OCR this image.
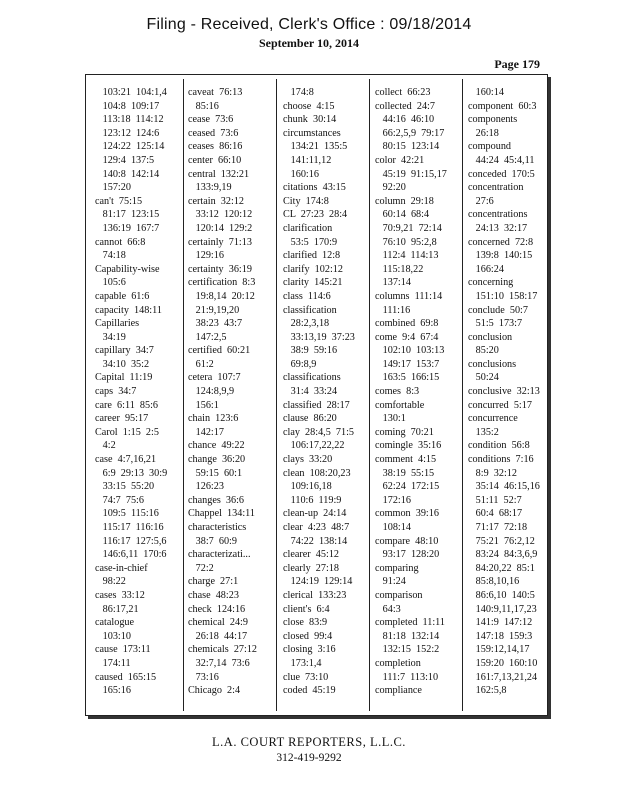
Filing - Received, Clerk's Office : 09/18/2014
September 10, 2014
Page 179
103:21  104:1,4
104:8  109:17
113:18  114:12
123:12  124:6
124:22  125:14
129:4  137:5
140:8  142:14
157:20
can't  75:15
81:17  123:15
136:19  167:7
cannot  66:8
74:18
Capability-wise
105:6
capable  61:6
capacity  148:11
Capillaries
34:19
capillary  34:7
34:10  35:2
Capital  11:19
caps  34:7
care  6:11  85:6
career  95:17
Carol  1:15  2:5
4:2
case  4:7,16,21
6:9  29:13  30:9
33:15  55:20
74:7  75:6
109:5  115:16
115:17  116:16
116:17  127:5,6
146:6,11  170:6
case-in-chief
98:22
cases  33:12
86:17,21
catalogue
103:10
cause  173:11
174:11
caused  165:15
165:16
caveat  76:13
85:16
cease  73:6
ceased  73:6
ceases  86:16
center  66:10
central  132:21
133:9,19
certain  32:12
33:12  120:12
120:14  129:2
certainly  71:13
129:16
certainty  36:19
certification  8:3
19:8,14  20:12
21:9,19,20
38:23  43:7
147:2,5
certified  60:21
61:2
cetera  107:7
124:8,9,9
156:1
chain  123:6
142:17
chance  49:22
change  36:20
59:15  60:1
126:23
changes  36:6
Chappel  134:11
characteristics
38:7  60:9
characterizati...
72:2
charge  27:1
chase  48:23
check  124:16
chemical  24:9
26:18  44:17
chemicals  27:12
32:7,14  73:6
73:16
Chicago  2:4
174:8
choose  4:15
chunk  30:14
circumstances
134:21  135:5
141:11,12
160:16
citations  43:15
City  174:8
CL  27:23  28:4
clarification
53:5  170:9
clarified  12:8
clarify  102:12
clarity  145:21
class  114:6
classification
28:2,3,18
33:13,19  37:23
38:9  59:16
69:8,9
classifications
31:4  33:24
classified  28:17
clause  86:20
clay  28:4,5  71:5
106:17,22,22
clays  33:20
clean  108:20,23
109:16,18
110:6  119:9
clean-up  24:14
clear  4:23  48:7
74:22  138:14
clearer  45:12
clearly  27:18
124:19  129:14
clerical  133:23
client's  6:4
close  83:9
closed  99:4
closing  3:16
173:1,4
clue  73:10
coded  45:19
collect  66:23
collected  24:7
44:16  46:10
66:2,5,9  79:17
80:15  123:14
color  42:21
45:19  91:15,17
92:20
column  29:18
60:14  68:4
70:9,21  72:14
76:10  95:2,8
112:4  114:13
115:18,22
137:14
columns  111:14
111:16
combined  69:8
come  9:4  67:4
102:10  103:13
149:17  153:7
163:5  166:15
comes  8:3
comfortable
130:1
coming  70:21
comingle  35:16
comment  4:15
38:19  55:15
62:24  172:15
172:16
common  39:16
108:14
compare  48:10
93:17  128:20
comparing
91:24
comparison
64:3
completed  11:11
81:18  132:14
132:15  152:2
completion
111:7  113:10
compliance
160:14
component  60:3
components
26:18
compound
44:24  45:4,11
conceded  170:5
concentration
27:6
concentrations
24:13  32:17
concerned  72:8
139:8  140:15
166:24
concerning
151:10  158:17
conclude  50:7
51:5  173:7
conclusion
85:20
conclusions
50:24
conclusive  32:13
concurred  5:17
concurrence
135:2
condition  56:8
conditions  7:16
8:9  32:12
35:14  46:15,16
51:11  52:7
60:4  68:17
71:17  72:18
75:21  76:2,12
83:24  84:3,6,9
84:20,22  85:1
85:8,10,16
86:6,10  140:5
140:9,11,17,23
141:9  147:12
147:18  159:3
159:12,14,17
159:20  160:10
161:7,13,21,24
162:5,8
L.A. COURT REPORTERS, L.L.C.
312-419-9292
